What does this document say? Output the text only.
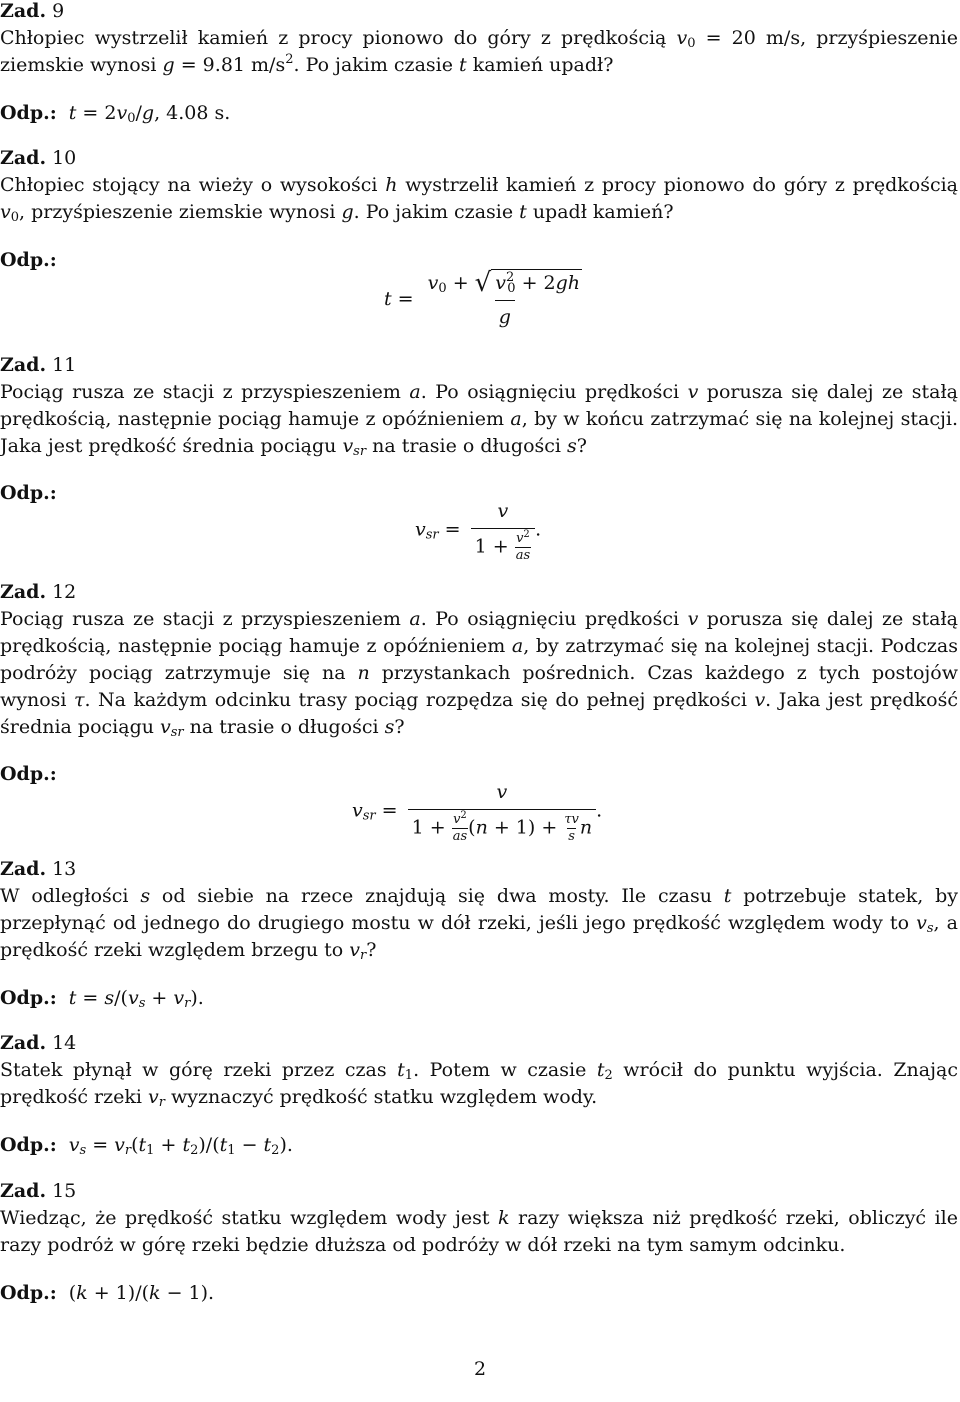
Zad. 9

Chłopiec wystrzelił kamień z procy pionowo do góry z prędkością $v_0 = 20$ m/s, przyśpieszenie ziemskie wynosi g = 9.81 $m/s^2$. Po jakim czasie t kamień upadł?

Odp.: $t = 2v_0/g$, 4.08 s.
Zad. 10

Chłopiec stojący na wieży o wysokości h wystrzelił kamień z procy pionowo do góry z prędkością $v_0$, przyśpieszenie ziemskie wynosi g. Po jakim czasie t upadł kamień?

Odp.:
$t = \frac{v_0 + √ v^2_0 + 2gh}{g}$
Zad. 11

Pociąg rusza ze stacji z przyspieszeniem a. Po osiągnięciu prędkości v porusza się dalej ze stałą prędkością, następnie pociąg hamuje z opóźnieniem a, by w końcu zatrzymać się na kolejnej stacji. Jaka jest prędkość średnia pociągu $v_{sr}$ na trasie o długości s?

Odp.:
$v_{sr} = \frac{v}{1 + \frac{v^2}{as}}$ .
Zad. 12

Pociąg rusza ze stacji z przyspieszeniem a. Po osiągnięciu prędkości v porusza się dalej ze stałą prędkością, następnie pociąg hamuje z opóźnieniem a, by zatrzymać się na kolejnej stacji. Podczas podróży pociąg zatrzymuje się na n przystankach pośrednich. Czas każdego z tych postojów wynosi τ. Na każdym odcinku trasy pociąg rozpędza się do pełnej prędkości v. Jaka jest prędkość średnia pociągu $v_{sr}$ na trasie o długości s?

Odp.:
$v_{sr} = \frac{v}{1 + \frac{v^2}{as} (n + 1) + \frac{\tau v}{s} n}$ .
Zad. 13

W odległości s od siebie na rzece znajdują się dwa mosty. Ile czasu t potrzebuje statek, by przepłynąć od jednego do drugiego mostu w dół rzeki, jeśli jego prędkość względem wody to $v_s$, a prędkość rzeki względem brzegu to $v_r$?

Odp.: $t = s/(v_s + v_r)$.
Zad. 14

Statek płynął w górę rzeki przez czas $t_1$. Potem w czasie $t_2$ wrócił do punktu wyjścia. Znając prędkość rzeki $v_r$ wyznaczyć prędkość statku względem wody.

Odp.: $v_s = v_r(t_1 + t_2)/(t_1 - t_2)$.
Zad. 15

Wiedząc, że prędkość statku względem wody jest k razy większa niż prędkość rzeki, obliczyć ile razy podróż w górę rzeki będzie dłuższa od podróży w dół rzeki na tym samym odcinku.

Odp.: (k + 1)/(k − 1).
2
